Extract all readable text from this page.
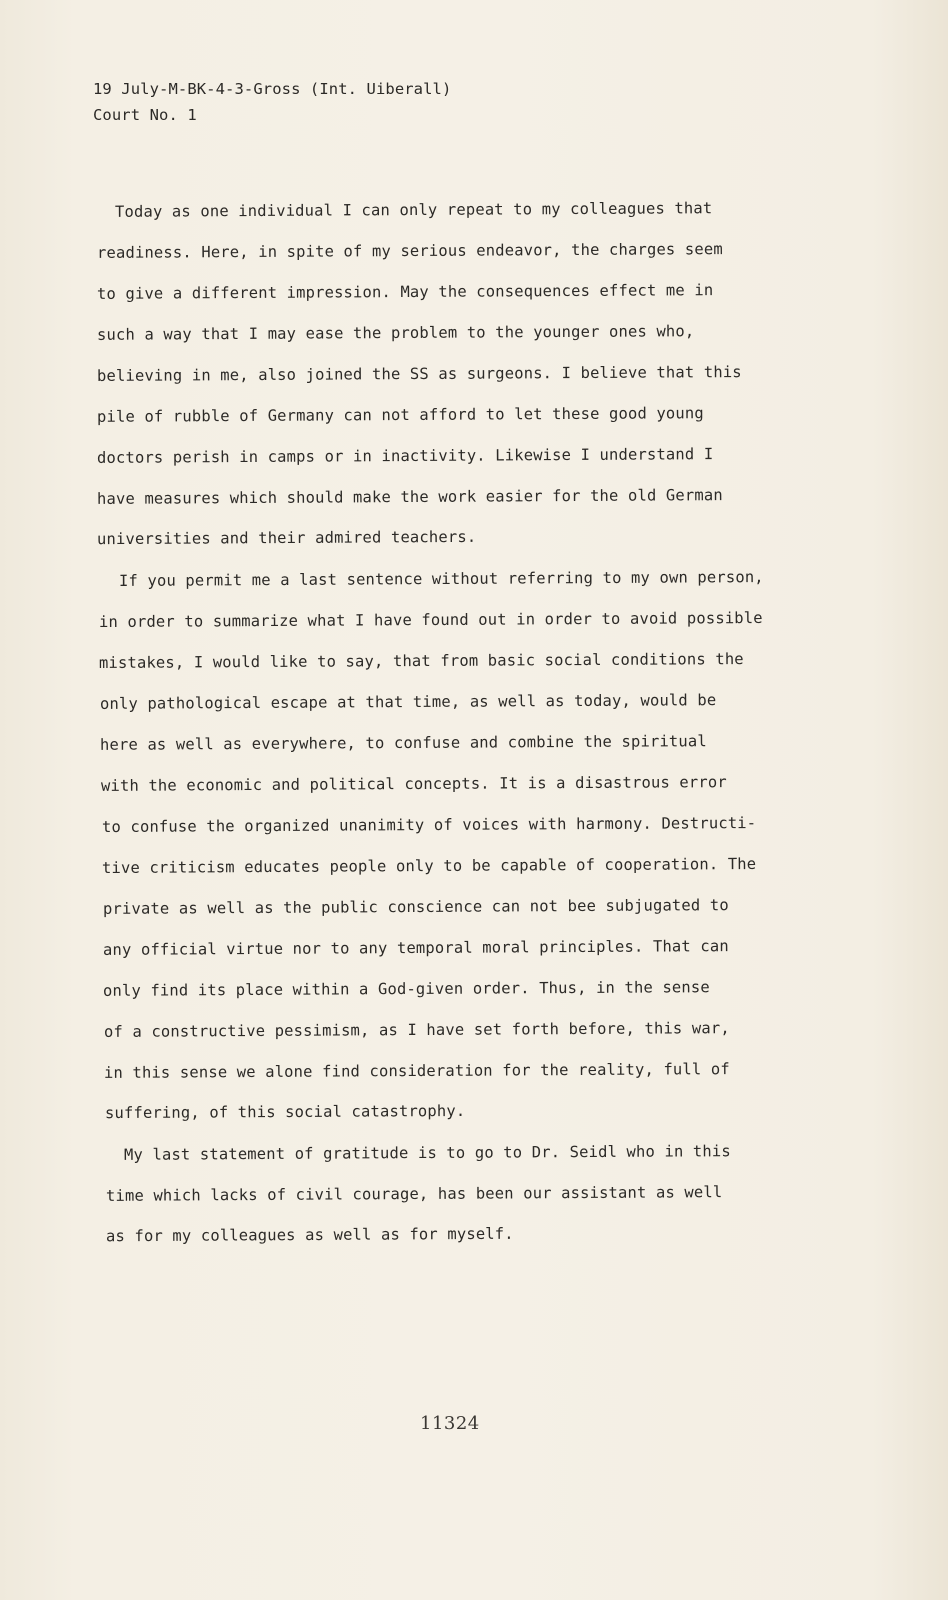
19 July-M-BK-4-3-Gross (Int. Uiberall)
Court No. 1
Today as one individual I can only repeat to my colleagues that
readiness. Here, in spite of my serious endeavor, the charges seem
to give a different impression. May the consequences effect me in
such a way that I may ease the problem to the younger ones who,
believing in me, also joined the SS as surgeons. I believe that this
pile of rubble of Germany can not afford to let these good young
doctors perish in camps or in inactivity. Likewise I understand I
have measures which should make the work easier for the old German
universities and their admired teachers.
If you permit me a last sentence without referring to my own person,
in order to summarize what I have found out in order to avoid possible
mistakes, I would like to say, that from basic social conditions the
only pathological escape at that time, as well as today, would be
here as well as everywhere, to confuse and combine the spiritual
with the economic and political concepts. It is a disastrous error
to confuse the organized unanimity of voices with harmony. Destructi-
tive criticism educates people only to be capable of cooperation. The
private as well as the public conscience can not bee subjugated to
any official virtue nor to any temporal moral principles. That can
only find its place within a God-given order. Thus, in the sense
of a constructive pessimism, as I have set forth before, this war,
in this sense we alone find consideration for the reality, full of
suffering, of this social catastrophy.
My last statement of gratitude is to go to Dr. Seidl who in this
time which lacks of civil courage, has been our assistant as well
as for my colleagues as well as for myself.
11324
